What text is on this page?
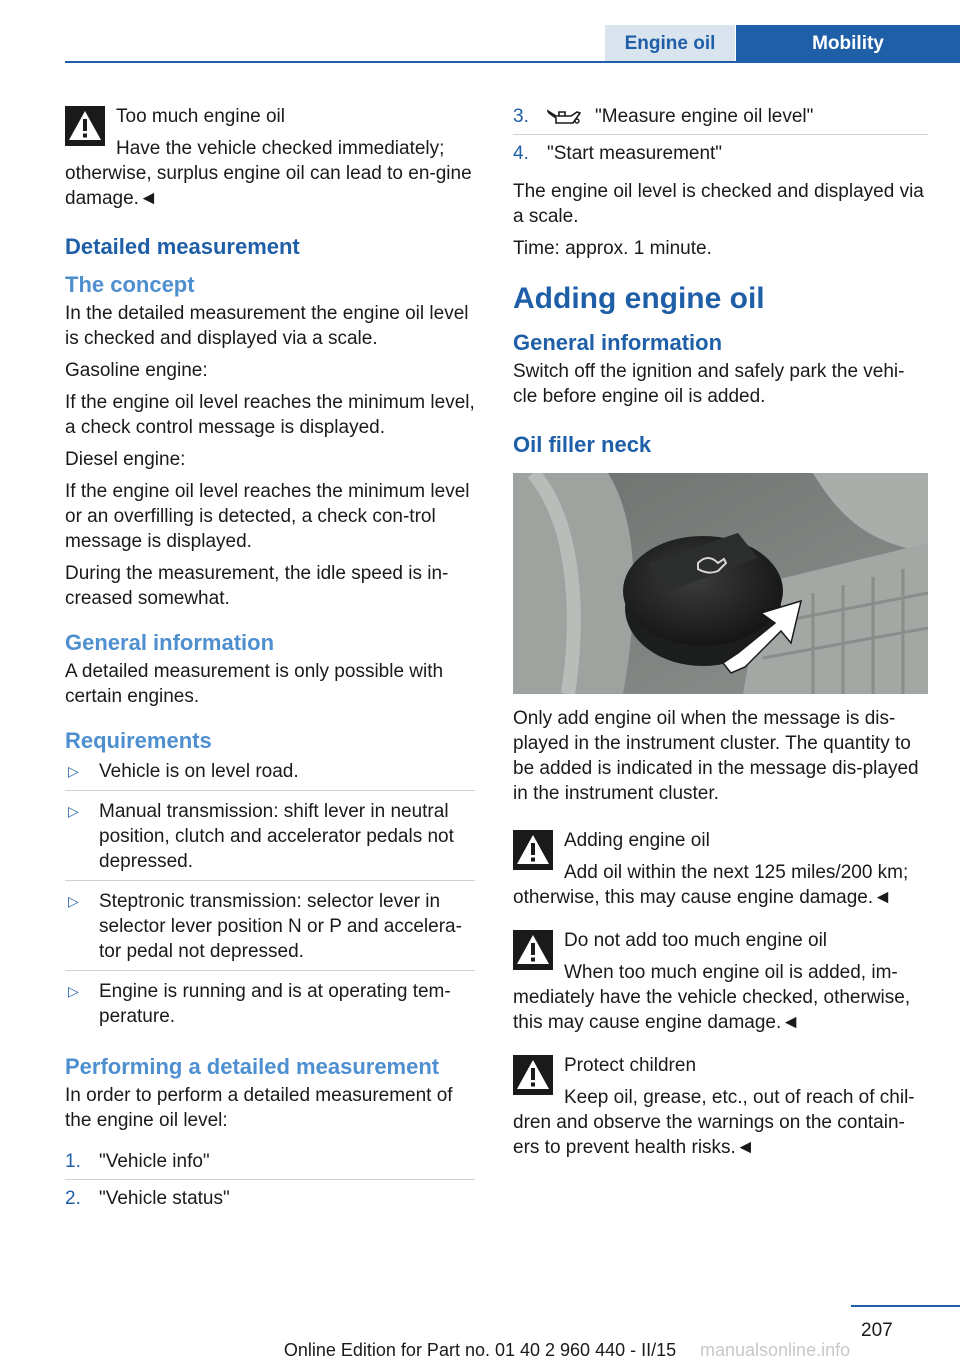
Engine oil	Mobility

Too much engine oil

Have the vehicle checked immediately; otherwise, surplus engine oil can lead to en-gine damage.◄

Detailed measurement
The concept

In the detailed measurement the engine oil level is checked and displayed via a scale.

Gasoline engine:

If the engine oil level reaches the minimum level, a check control message is displayed.

Diesel engine:

If the engine oil level reaches the minimum level or an overfilling is detected, a check con-trol message is displayed.

During the measurement, the idle speed is in-creased somewhat.

General information

A detailed measurement is only possible with certain engines.

Requirements
▷ Vehicle is on level road.
▷ Manual transmission: shift lever in neutral position, clutch and accelerator pedals not depressed.
▷ Steptronic transmission: selector lever in selector lever position N or P and accelera-tor pedal not depressed.
▷ Engine is running and is at operating tem-perature.
Performing a detailed measurement

In order to perform a detailed measurement of the engine oil level:

1. "Vehicle info"
2. "Vehicle status"
3.	"Measure engine oil level"
4. "Start measurement"

The engine oil level is checked and displayed via a scale.

Time: approx. 1 minute.

Adding engine oil
General information

Switch off the ignition and safely park the vehi-cle before engine oil is added.

Oil filler neck

Only add engine oil when the message is dis-played in the instrument cluster. The quantity to be added is indicated in the message dis-played in the instrument cluster.

Adding engine oil

Add oil within the next 125 miles/200 km; otherwise, this may cause engine damage.◄

Do not add too much engine oil

When too much engine oil is added, im-mediately have the vehicle checked, otherwise, this may cause engine damage.◄

Protect children

Keep oil, grease, etc., out of reach of chil-dren and observe the warnings on the contain-ers to prevent health risks.◄

207
Online Edition for Part no. 01 40 2 960 440 - II/15	manualsonline.info
